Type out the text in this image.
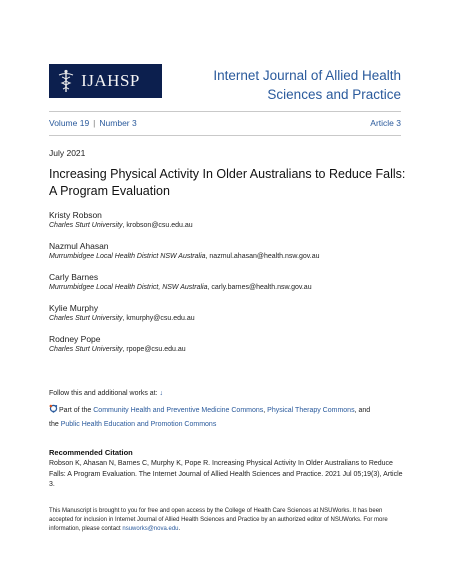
IJAHSP	Internet Journal of Allied Health Sciences and Practice
Volume 19 | Number 3	Article 3
July 2021
Increasing Physical Activity In Older Australians to Reduce Falls: A Program Evaluation
Kristy Robson
Charles Sturt University, krobson@csu.edu.au
Nazmul Ahasan
Murrumbidgee Local Health District NSW Australia, nazmul.ahasan@health.nsw.gov.au
Carly Barnes
Murrumbidgee Local Health District, NSW Australia, carly.barnes@health.nsw.gov.au
Kylie Murphy
Charles Sturt University, kmurphy@csu.edu.au
Rodney Pope
Charles Sturt University, rpope@csu.edu.au
Follow this and additional works at: ↓
Part of the Community Health and Preventive Medicine Commons, Physical Therapy Commons, and
the Public Health Education and Promotion Commons
Recommended Citation
Robson K, Ahasan N, Barnes C, Murphy K, Pope R. Increasing Physical Activity In Older Australians to Reduce Falls: A Program Evaluation. The Internet Journal of Allied Health Sciences and Practice. 2021 Jul 05;19(3), Article 3.
This Manuscript is brought to you for free and open access by the College of Health Care Sciences at NSUWorks. It has been accepted for inclusion in Internet Journal of Allied Health Sciences and Practice by an authorized editor of NSUWorks. For more information, please contact nsuworks@nova.edu.
